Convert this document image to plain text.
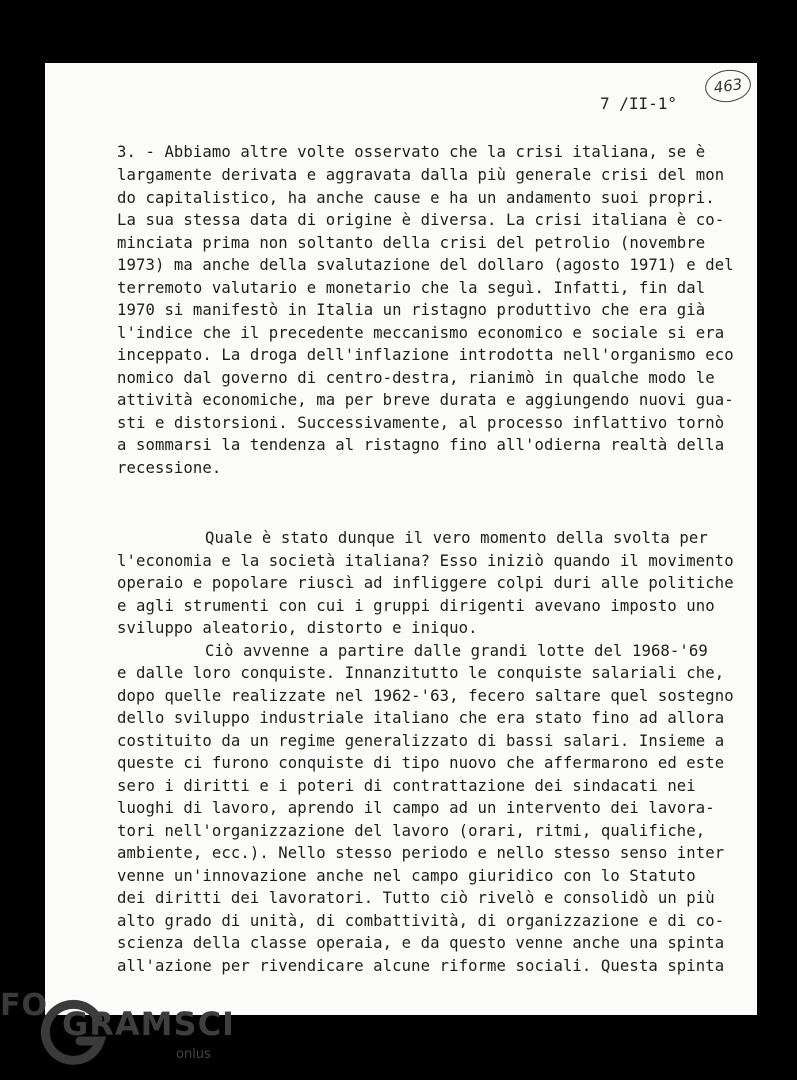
7 /II-1°
463
3. - Abbiamo altre volte osservato che la crisi italiana, se è
largamente derivata e aggravata dalla più generale crisi del mon
do capitalistico, ha anche cause e ha un andamento suoi propri.
La sua stessa data di origine è diversa. La crisi italiana è co-
minciata prima non soltanto della crisi del petrolio (novembre
1973) ma anche della svalutazione del dollaro (agosto 1971) e del
terremoto valutario e monetario che la seguì. Infatti, fin dal
1970 si manifestò in Italia un ristagno produttivo che era già
l'indice che il precedente meccanismo economico e sociale si era
inceppato. La droga dell'inflazione introdotta nell'organismo eco
nomico dal governo di centro-destra, rianimò in qualche modo le
attività economiche, ma per breve durata e aggiungendo nuovi gua-
sti e distorsioni. Successivamente, al processo inflattivo tornò
a sommarsi la tendenza al ristagno fino all'odierna realtà della
recessione.
Quale è stato dunque il vero momento della svolta per
l'economia e la società italiana? Esso iniziò quando il movimento
operaio e popolare riuscì ad infliggere colpi duri alle politiche
e agli strumenti con cui i gruppi dirigenti avevano imposto uno
sviluppo aleatorio, distorto e iniquo.
Ciò avvenne a partire dalle grandi lotte del 1968-'69
e dalle loro conquiste. Innanzitutto le conquiste salariali che,
dopo quelle realizzate nel 1962-'63, fecero saltare quel sostegno
dello sviluppo industriale italiano che era stato fino ad allora
costituito da un regime generalizzato di bassi salari. Insieme a
queste ci furono conquiste di tipo nuovo che affermarono ed este
sero i diritti e i poteri di contrattazione dei sindacati nei
luoghi di lavoro, aprendo il campo ad un intervento dei lavora-
tori nell'organizzazione del lavoro (orari, ritmi, qualifiche,
ambiente, ecc.). Nello stesso periodo e nello stesso senso inter
venne un'innovazione anche nel campo giuridico con lo Statuto
dei diritti dei lavoratori. Tutto ciò rivelò e consolidò un più
alto grado di unità, di combattività, di organizzazione e di co-
scienza della classe operaia, e da questo venne anche una spinta
all'azione per rivendicare alcune riforme sociali. Questa spinta
FO GRAMSCI
onlus
